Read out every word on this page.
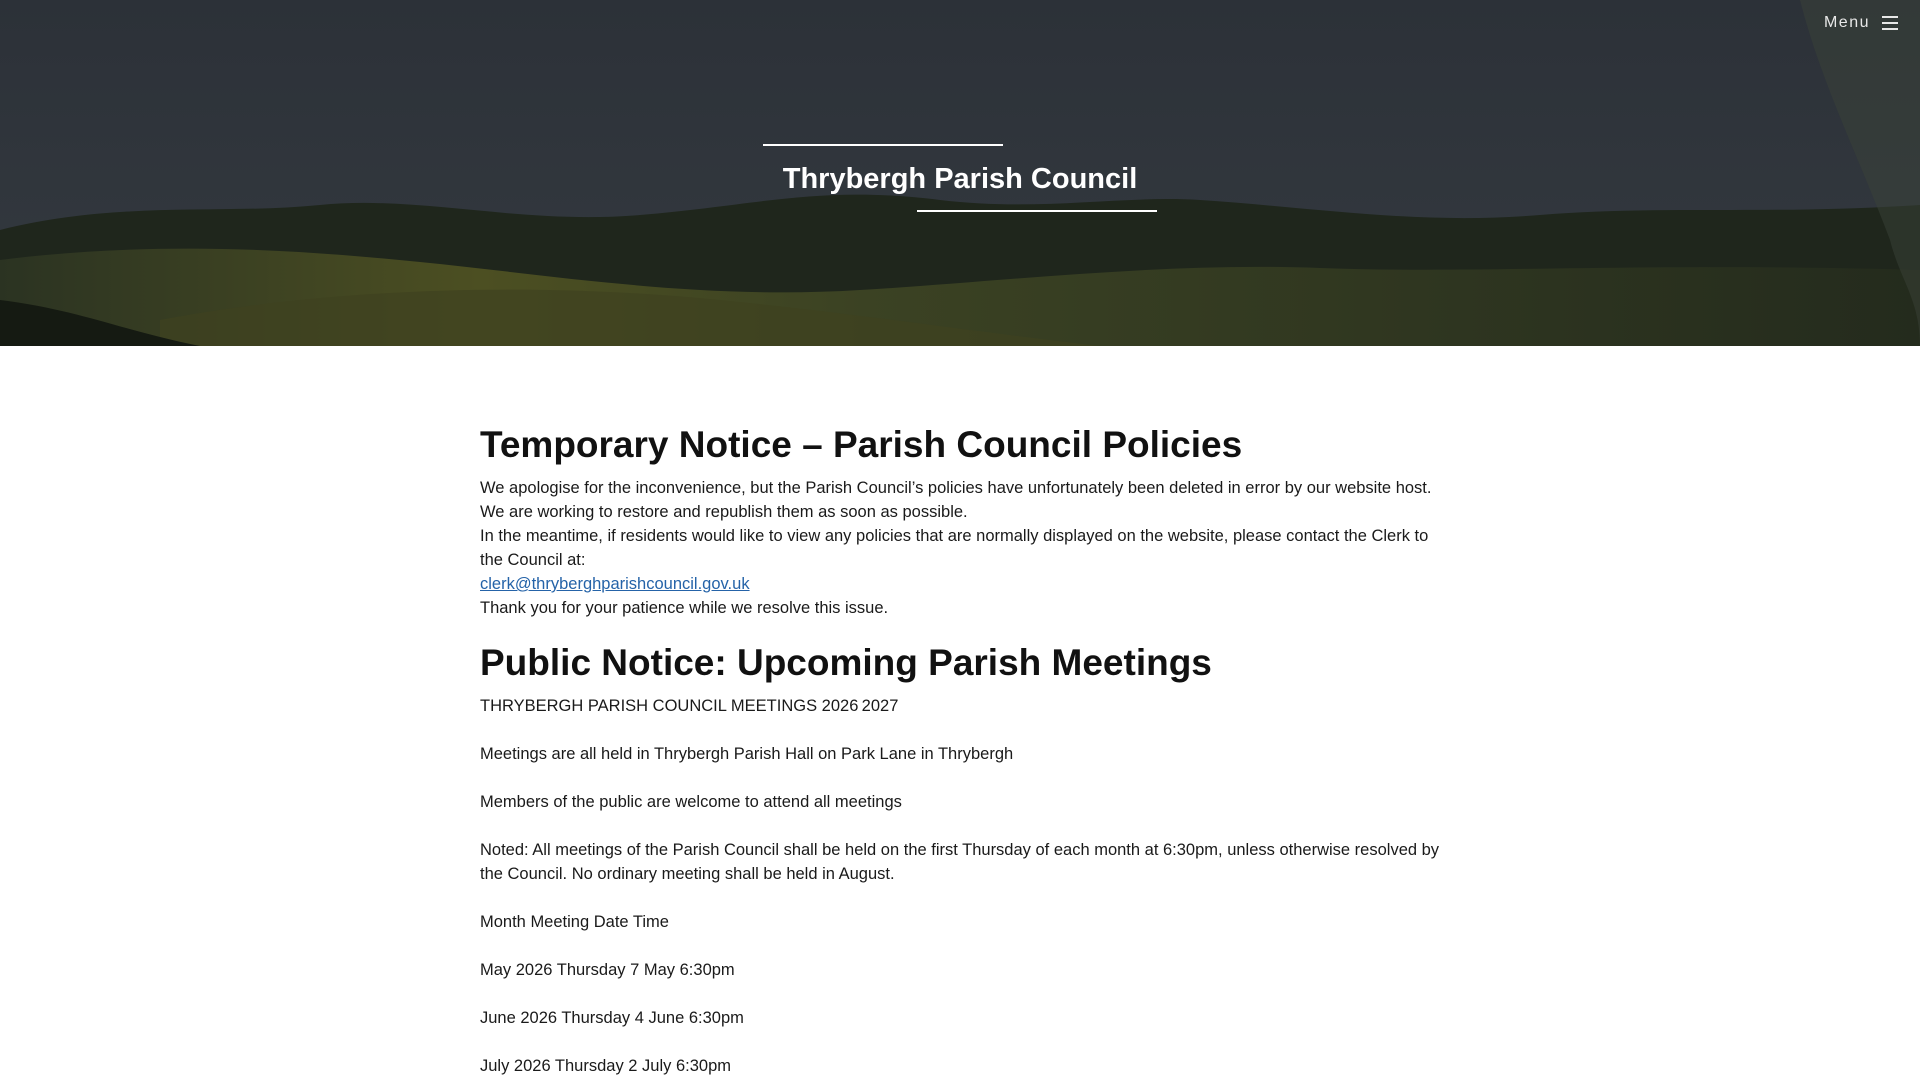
Menu
Thrybergh Parish Council
Temporary Notice – Parish Council Policies

We apologise for the inconvenience, but the Parish Council’s policies have unfortunately been deleted in error by our website host.

We are working to restore and republish them as soon as possible.

In the meantime, if residents would like to view any policies that are normally displayed on the website, please contact the Clerk to the Council at:

clerk@thryberghparishcouncil.gov.uk

Thank you for your patience while we resolve this issue.

Public Notice: Upcoming Parish Meetings

THRYBERGH PARISH COUNCIL MEETINGS 2026 2027

Meetings are all held in Thrybergh Parish Hall on Park Lane in Thrybergh

Members of the public are welcome to attend all meetings

Noted: All meetings of the Parish Council shall be held on the first Thursday of each month at 6:30pm, unless otherwise resolved by the Council. No ordinary meeting shall be held in August.

Month Meeting Date Time

May 2026 Thursday 7 May 6:30pm

June 2026 Thursday 4 June 6:30pm

July 2026 Thursday 2 July 6:30pm
